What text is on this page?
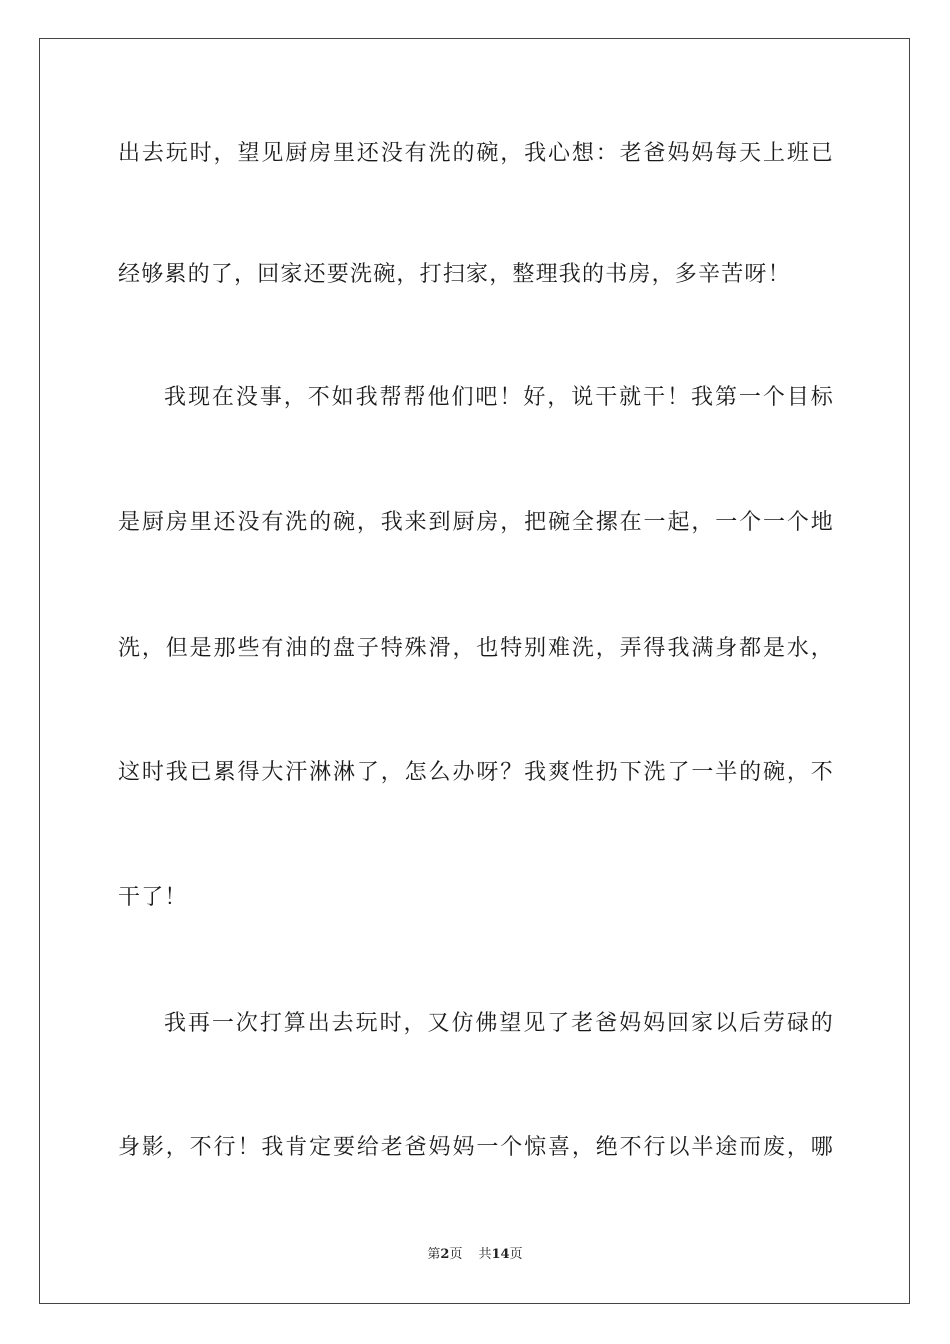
出去玩时，望见厨房里还没有洗的碗，我心想：老爸妈妈每天上班已
经够累的了，回家还要洗碗，打扫家，整理我的书房，多辛苦呀！
我现在没事，不如我帮帮他们吧！好，说干就干！我第一个目标
是厨房里还没有洗的碗，我来到厨房，把碗全摞在一起，一个一个地
洗，但是那些有油的盘子特殊滑，也特别难洗，弄得我满身都是水，
这时我已累得大汗淋淋了，怎么办呀？我爽性扔下洗了一半的碗，不
干了！
我再一次打算出去玩时，又仿佛望见了老爸妈妈回家以后劳碌的
身影，不行！我肯定要给老爸妈妈一个惊喜，绝不行以半途而废，哪
第2页 共14页
